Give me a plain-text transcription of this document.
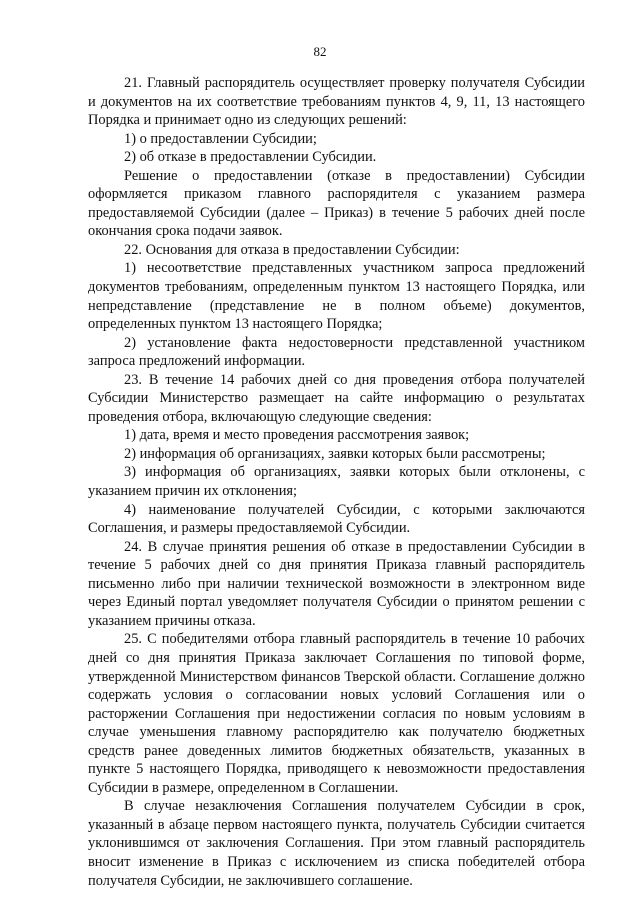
82

21. Главный распорядитель осуществляет проверку получателя Субсидии и документов на их соответствие требованиям пунктов 4, 9, 11, 13 настоящего Порядка и принимает одно из следующих решений:

1) о предоставлении Субсидии;

2) об отказе в предоставлении Субсидии.

Решение о предоставлении (отказе в предоставлении) Субсидии оформляется приказом главного распорядителя с указанием размера предоставляемой Субсидии (далее – Приказ) в течение 5 рабочих дней после окончания срока подачи заявок.

22. Основания для отказа в предоставлении Субсидии:

1) несоответствие представленных участником запроса предложений документов требованиям, определенным пунктом 13 настоящего Порядка, или непредставление (представление не в полном объеме) документов, определенных пунктом 13 настоящего Порядка;

2) установление факта недостоверности представленной участником запроса предложений информации.

23. В течение 14 рабочих дней со дня проведения отбора получателей Субсидии Министерство размещает на сайте информацию о результатах проведения отбора, включающую следующие сведения:

1) дата, время и место проведения рассмотрения заявок;

2) информация об организациях, заявки которых были рассмотрены;

3) информация об организациях, заявки которых были отклонены, с указанием причин их отклонения;

4) наименование получателей Субсидии, с которыми заключаются Соглашения, и размеры предоставляемой Субсидии.

24. В случае принятия решения об отказе в предоставлении Субсидии в течение 5 рабочих дней со дня принятия Приказа главный распорядитель письменно либо при наличии технической возможности в электронном виде через Единый портал уведомляет получателя Субсидии о принятом решении с указанием причины отказа.

25. С победителями отбора главный распорядитель в течение 10 рабочих дней со дня принятия Приказа заключает Соглашения по типовой форме, утвержденной Министерством финансов Тверской области. Соглашение должно содержать условия о согласовании новых условий Соглашения или о расторжении Соглашения при недостижении согласия по новым условиям в случае уменьшения главному распорядителю как получателю бюджетных средств ранее доведенных лимитов бюджетных обязательств, указанных в пункте 5 настоящего Порядка, приводящего к невозможности предоставления Субсидии в размере, определенном в Соглашении.

В случае незаключения Соглашения получателем Субсидии в срок, указанный в абзаце первом настоящего пункта, получатель Субсидии считается уклонившимся от заключения Соглашения. При этом главный распорядитель вносит изменение в Приказ с исключением из списка победителей отбора получателя Субсидии, не заключившего соглашение.
